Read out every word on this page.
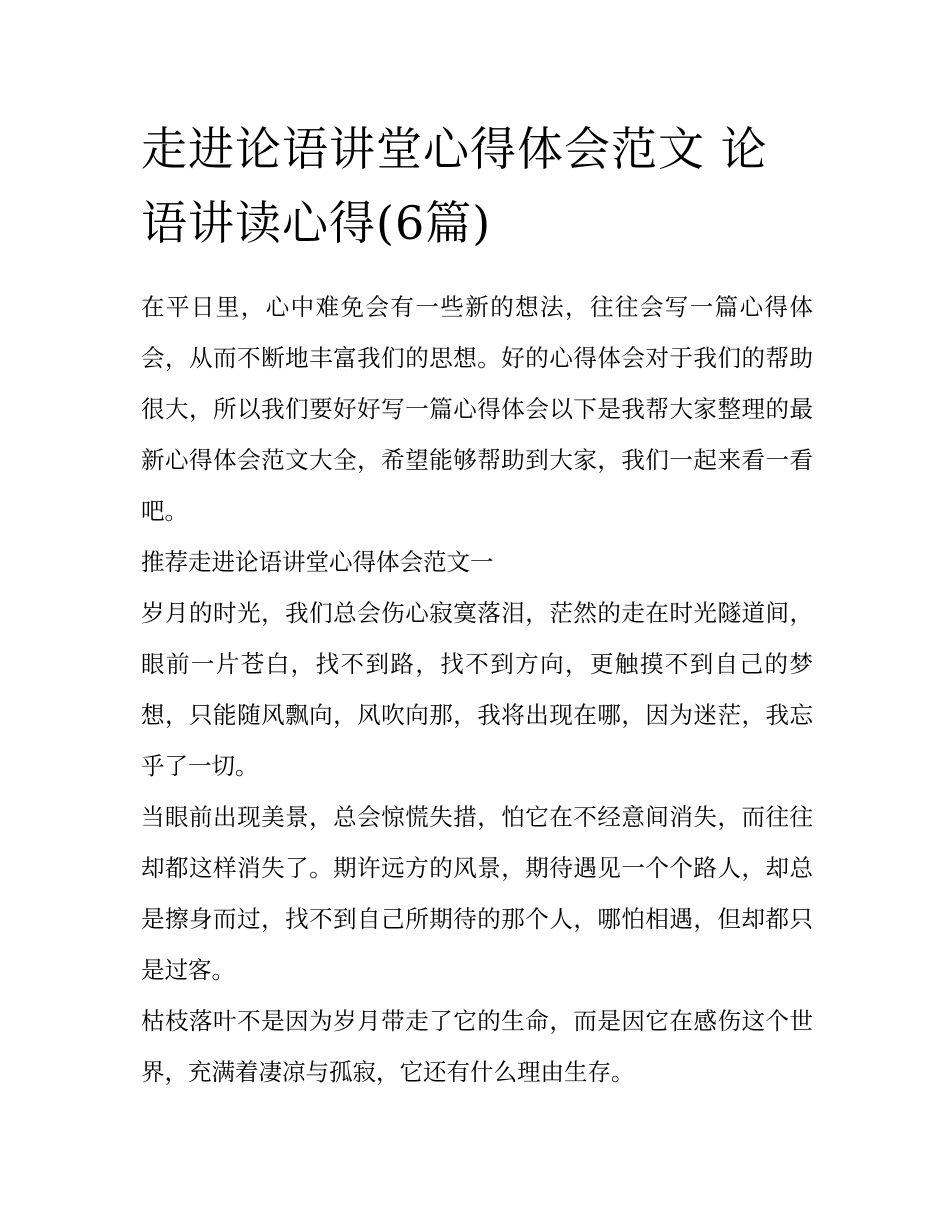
走进论语讲堂心得体会范文 论语讲读心得(6篇)

在平日里，心中难免会有一些新的想法，往往会写一篇心得体会，从而不断地丰富我们的思想。好的心得体会对于我们的帮助很大，所以我们要好好写一篇心得体会以下是我帮大家整理的最新心得体会范文大全，希望能够帮助到大家，我们一起来看一看吧。

推荐走进论语讲堂心得体会范文一

岁月的时光，我们总会伤心寂寞落泪，茫然的走在时光隧道间，眼前一片苍白，找不到路，找不到方向，更触摸不到自己的梦想，只能随风飘向，风吹向那，我将出现在哪，因为迷茫，我忘乎了一切。

当眼前出现美景，总会惊慌失措，怕它在不经意间消失，而往往却都这样消失了。期许远方的风景，期待遇见一个个路人，却总是擦身而过，找不到自己所期待的那个人，哪怕相遇，但却都只是过客。

枯枝落叶不是因为岁月带走了它的生命，而是因它在感伤这个世界，充满着凄凉与孤寂，它还有什么理由生存。
